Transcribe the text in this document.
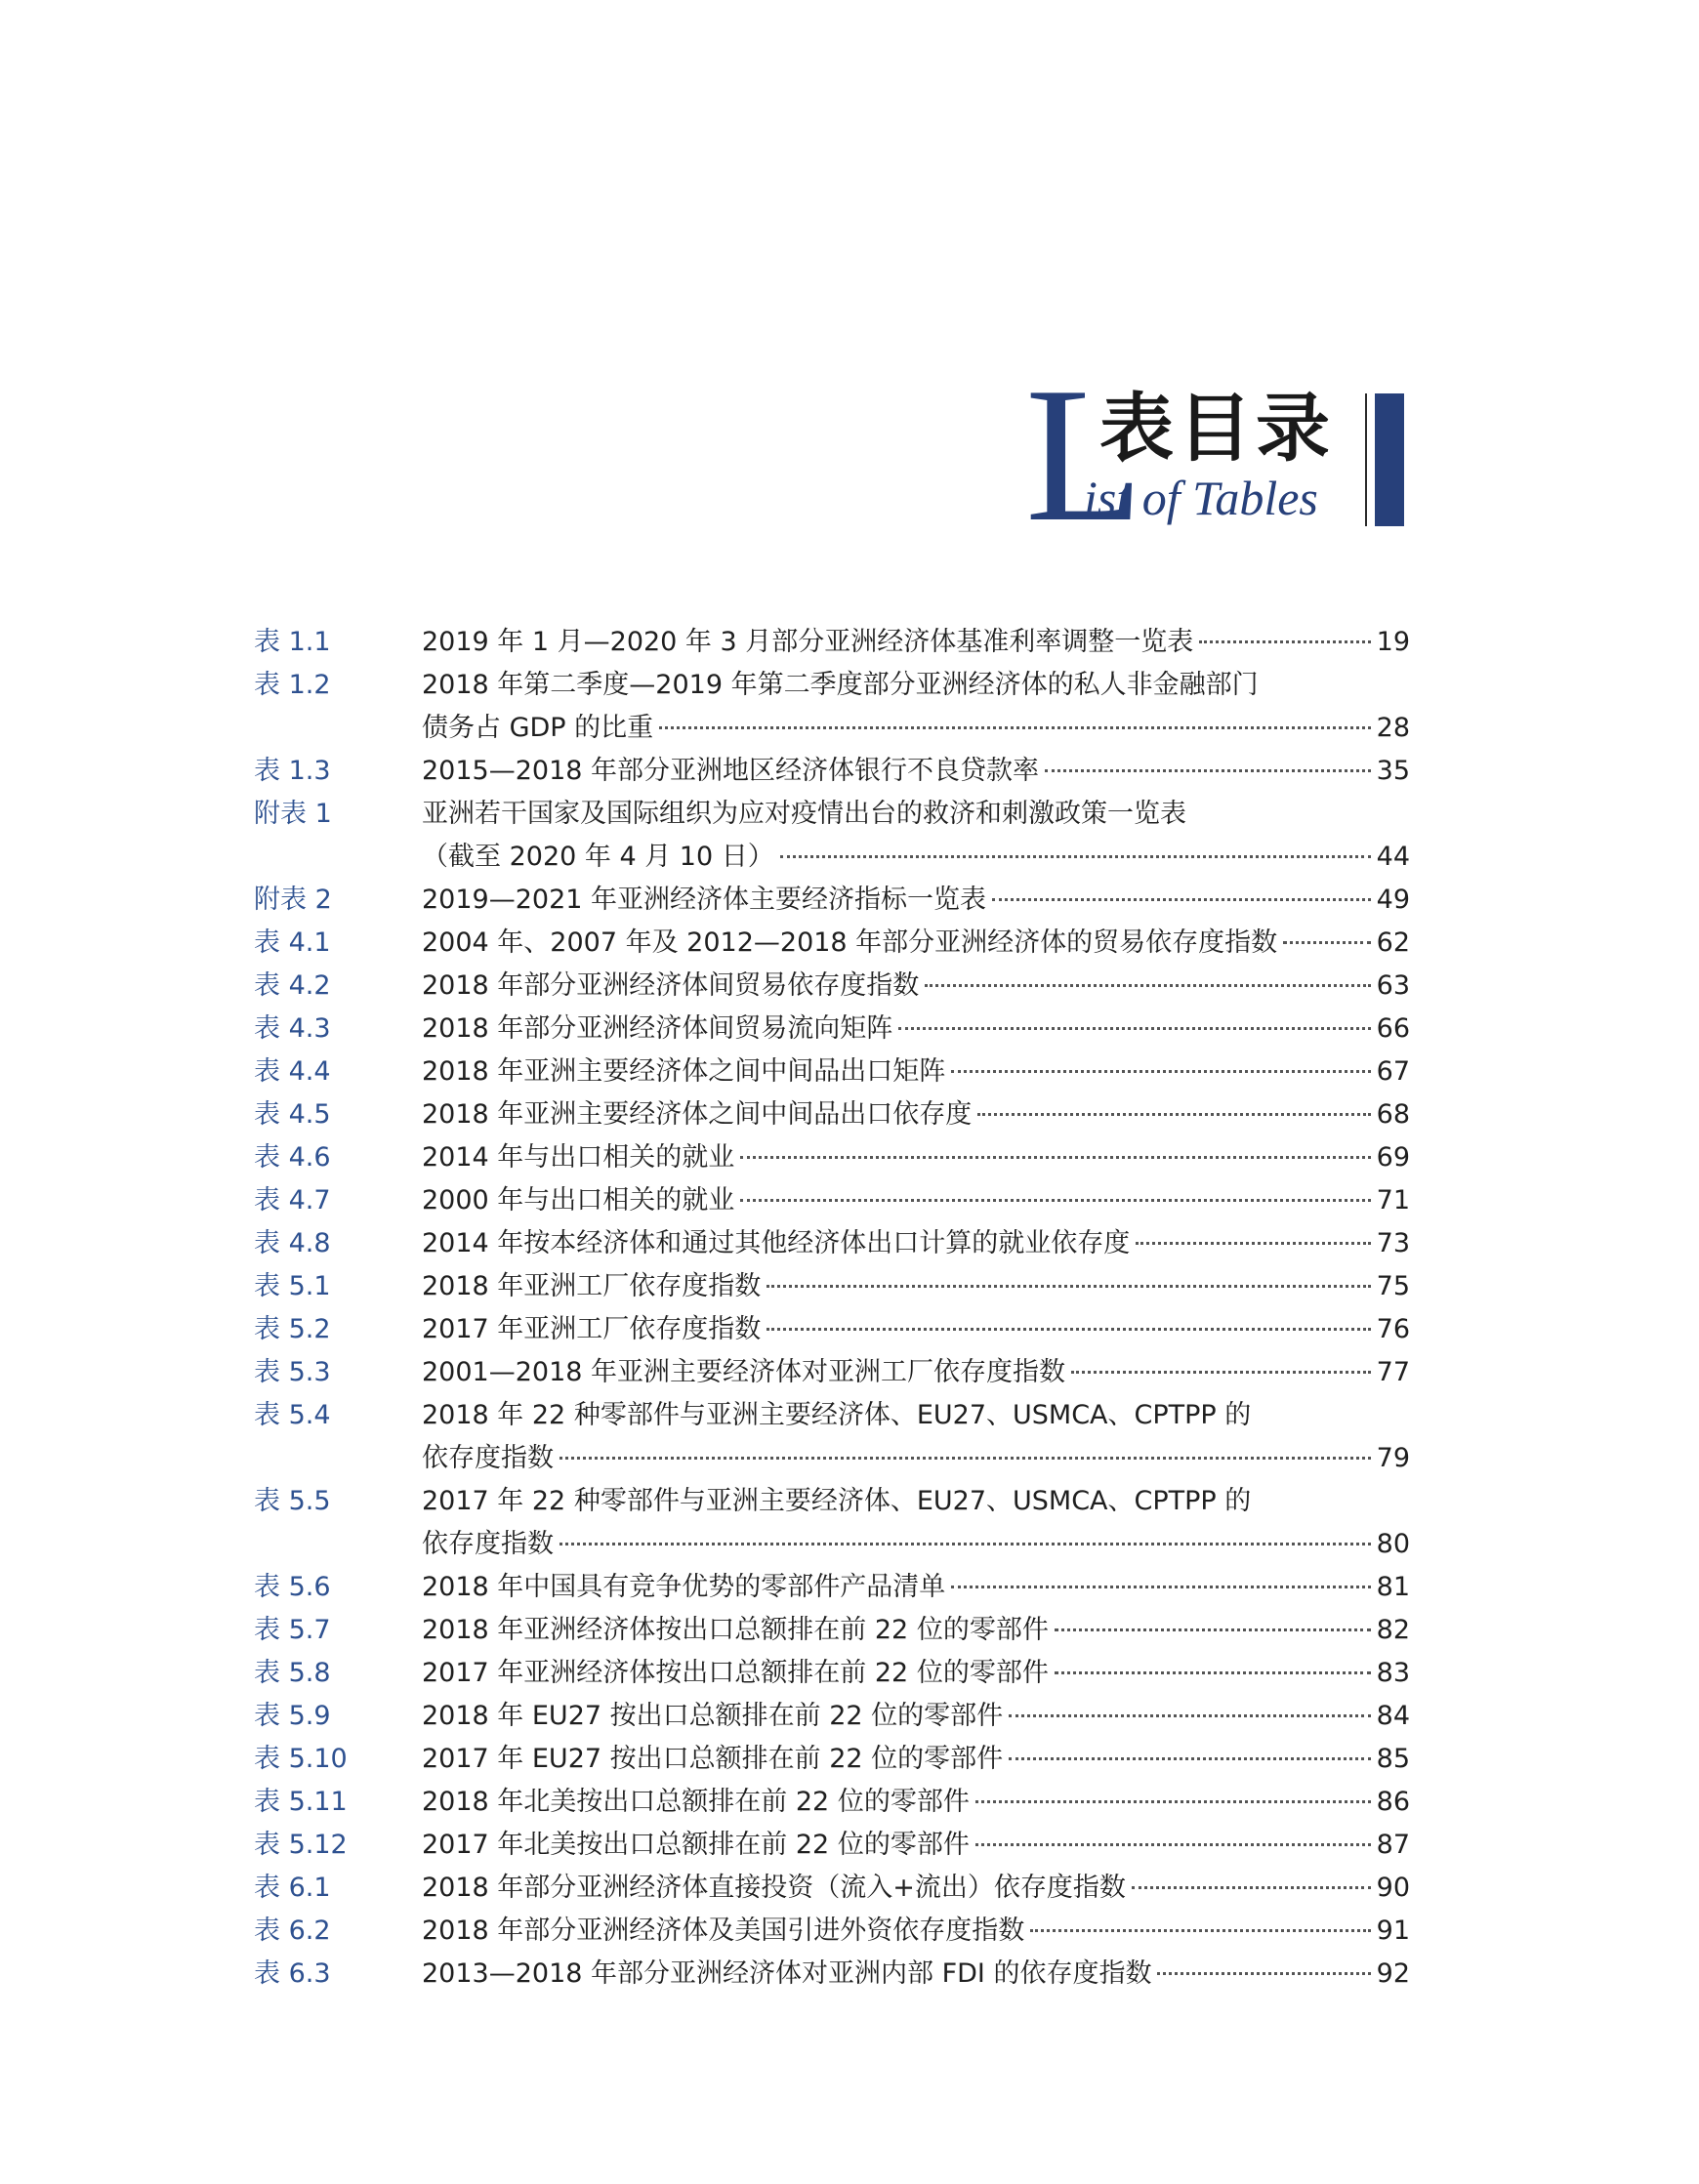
L
表目录
ist of Tables
表 1.1	2019 年 1 月—2020 年 3 月部分亚洲经济体基准利率调整一览表	19
表 1.2	2018 年第二季度—2019 年第二季度部分亚洲经济体的私人非金融部门
债务占 GDP 的比重	28
表 1.3	2015—2018 年部分亚洲地区经济体银行不良贷款率	35
附表 1	亚洲若干国家及国际组织为应对疫情出台的救济和刺激政策一览表
（截至 2020 年 4 月 10 日）	44
附表 2	2019—2021 年亚洲经济体主要经济指标一览表	49
表 4.1	2004 年、2007 年及 2012—2018 年部分亚洲经济体的贸易依存度指数	62
表 4.2	2018 年部分亚洲经济体间贸易依存度指数	63
表 4.3	2018 年部分亚洲经济体间贸易流向矩阵	66
表 4.4	2018 年亚洲主要经济体之间中间品出口矩阵	67
表 4.5	2018 年亚洲主要经济体之间中间品出口依存度	68
表 4.6	2014 年与出口相关的就业	69
表 4.7	2000 年与出口相关的就业	71
表 4.8	2014 年按本经济体和通过其他经济体出口计算的就业依存度	73
表 5.1	2018 年亚洲工厂依存度指数	75
表 5.2	2017 年亚洲工厂依存度指数	76
表 5.3	2001—2018 年亚洲主要经济体对亚洲工厂依存度指数	77
表 5.4	2018 年 22 种零部件与亚洲主要经济体、EU27、USMCA、CPTPP 的
依存度指数	79
表 5.5	2017 年 22 种零部件与亚洲主要经济体、EU27、USMCA、CPTPP 的
依存度指数	80
表 5.6	2018 年中国具有竞争优势的零部件产品清单	81
表 5.7	2018 年亚洲经济体按出口总额排在前 22 位的零部件	82
表 5.8	2017 年亚洲经济体按出口总额排在前 22 位的零部件	83
表 5.9	2018 年 EU27 按出口总额排在前 22 位的零部件	84
表 5.10	2017 年 EU27 按出口总额排在前 22 位的零部件	85
表 5.11	2018 年北美按出口总额排在前 22 位的零部件	86
表 5.12	2017 年北美按出口总额排在前 22 位的零部件	87
表 6.1	2018 年部分亚洲经济体直接投资（流入+流出）依存度指数	90
表 6.2	2018 年部分亚洲经济体及美国引进外资依存度指数	91
表 6.3	2013—2018 年部分亚洲经济体对亚洲内部 FDI 的依存度指数	92
